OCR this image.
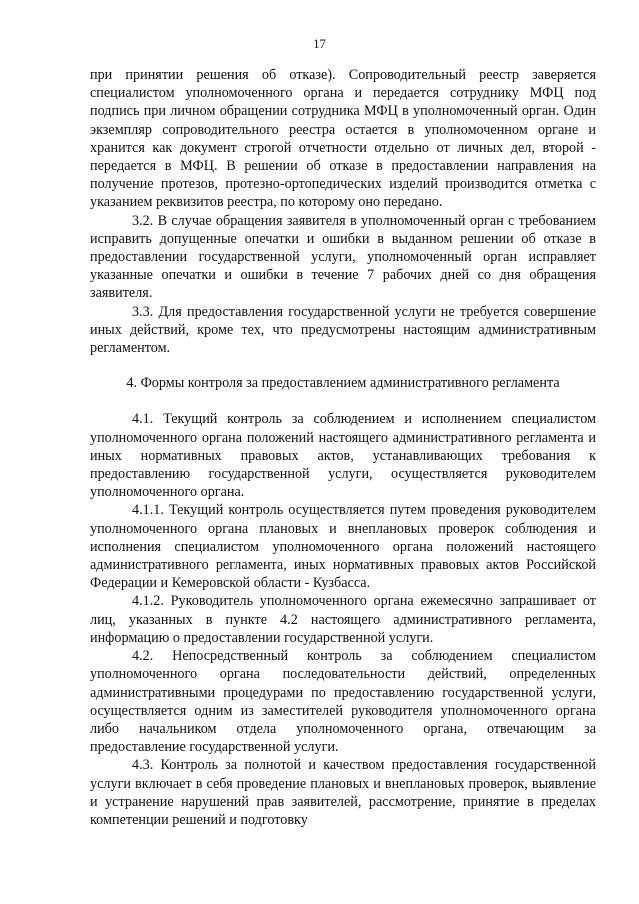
17

при принятии решения об отказе). Сопроводительный реестр заверяется специалистом уполномоченного органа и передается сотруднику МФЦ под подпись при личном обращении сотрудника МФЦ в уполномоченный орган. Один экземпляр сопроводительного реестра остается в уполномоченном органе и хранится как документ строгой отчетности отдельно от личных дел, второй - передается в МФЦ. В решении об отказе в предоставлении направления на получение протезов, протезно-ортопедических изделий производится отметка с указанием реквизитов реестра, по которому оно передано.

3.2. В случае обращения заявителя в уполномоченный орган с требованием исправить допущенные опечатки и ошибки в выданном решении об отказе в предоставлении государственной услуги, уполномоченный орган исправляет указанные опечатки и ошибки в течение 7 рабочих дней со дня обращения заявителя.

3.3. Для предоставления государственной услуги не требуется совершение иных действий, кроме тех, что предусмотрены настоящим административным регламентом.

4. Формы контроля за предоставлением административного регламента

4.1. Текущий контроль за соблюдением и исполнением специалистом уполномоченного органа положений настоящего административного регламента и иных нормативных правовых актов, устанавливающих требования к предоставлению государственной услуги, осуществляется руководителем уполномоченного органа.

4.1.1. Текущий контроль осуществляется путем проведения руководителем уполномоченного органа плановых и внеплановых проверок соблюдения и исполнения специалистом уполномоченного органа положений настоящего административного регламента, иных нормативных правовых актов Российской Федерации и Кемеровской области - Кузбасса.

4.1.2. Руководитель уполномоченного органа ежемесячно запрашивает от лиц, указанных в пункте 4.2 настоящего административного регламента, информацию о предоставлении государственной услуги.

4.2. Непосредственный контроль за соблюдением специалистом уполномоченного органа последовательности действий, определенных административными процедурами по предоставлению государственной услуги, осуществляется одним из заместителей руководителя уполномоченного органа либо начальником отдела уполномоченного органа, отвечающим за предоставление государственной услуги.

4.3. Контроль за полнотой и качеством предоставления государственной услуги включает в себя проведение плановых и внеплановых проверок, выявление и устранение нарушений прав заявителей, рассмотрение, принятие в пределах компетенции решений и подготовку
